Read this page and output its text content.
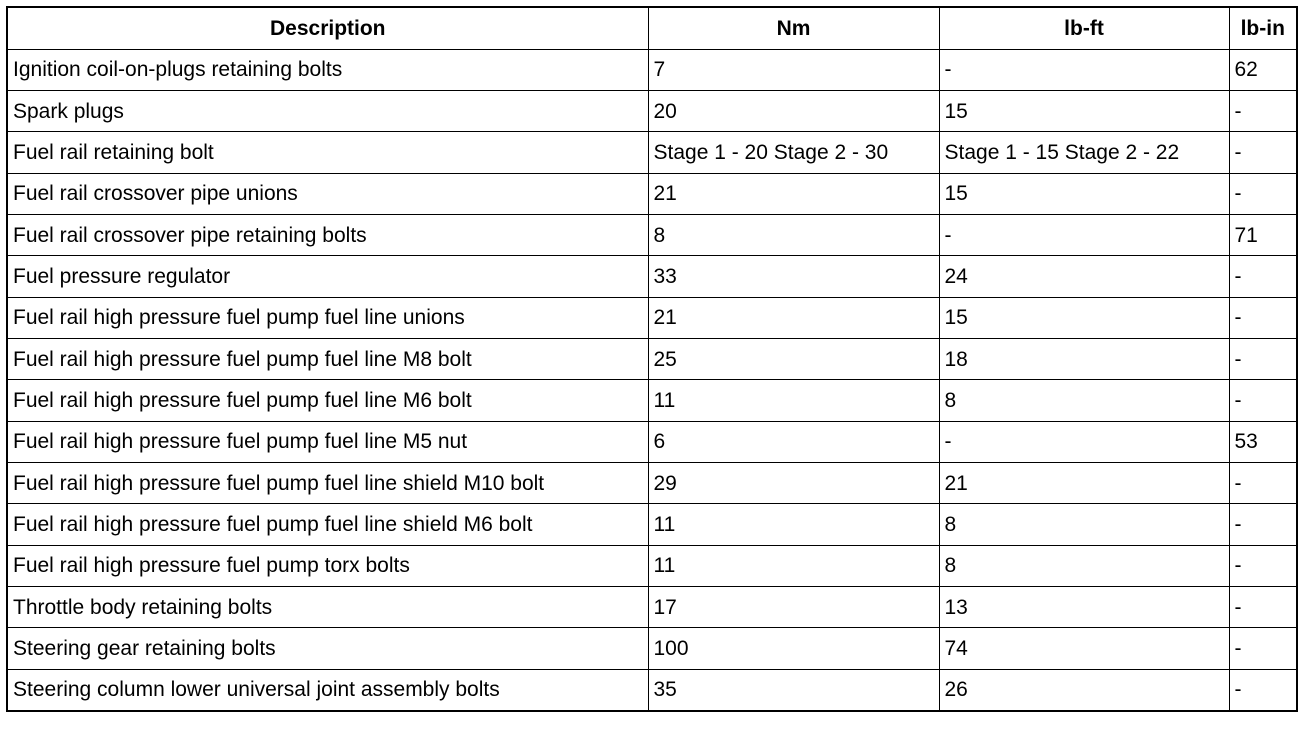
Description	Nm	lb-ft	lb-in
Ignition coil-on-plugs retaining bolts	7	-	62
Spark plugs	20	15	-
Fuel rail retaining bolt	Stage 1 - 20 Stage 2 - 30	Stage 1 - 15 Stage 2 - 22	-
Fuel rail crossover pipe unions	21	15	-
Fuel rail crossover pipe retaining bolts	8	-	71
Fuel pressure regulator	33	24	-
Fuel rail high pressure fuel pump fuel line unions	21	15	-
Fuel rail high pressure fuel pump fuel line M8 bolt	25	18	-
Fuel rail high pressure fuel pump fuel line M6 bolt	11	8	-
Fuel rail high pressure fuel pump fuel line M5 nut	6	-	53
Fuel rail high pressure fuel pump fuel line shield M10 bolt	29	21	-
Fuel rail high pressure fuel pump fuel line shield M6 bolt	11	8	-
Fuel rail high pressure fuel pump torx bolts	11	8	-
Throttle body retaining bolts	17	13	-
Steering gear retaining bolts	100	74	-
Steering column lower universal joint assembly bolts	35	26	-
